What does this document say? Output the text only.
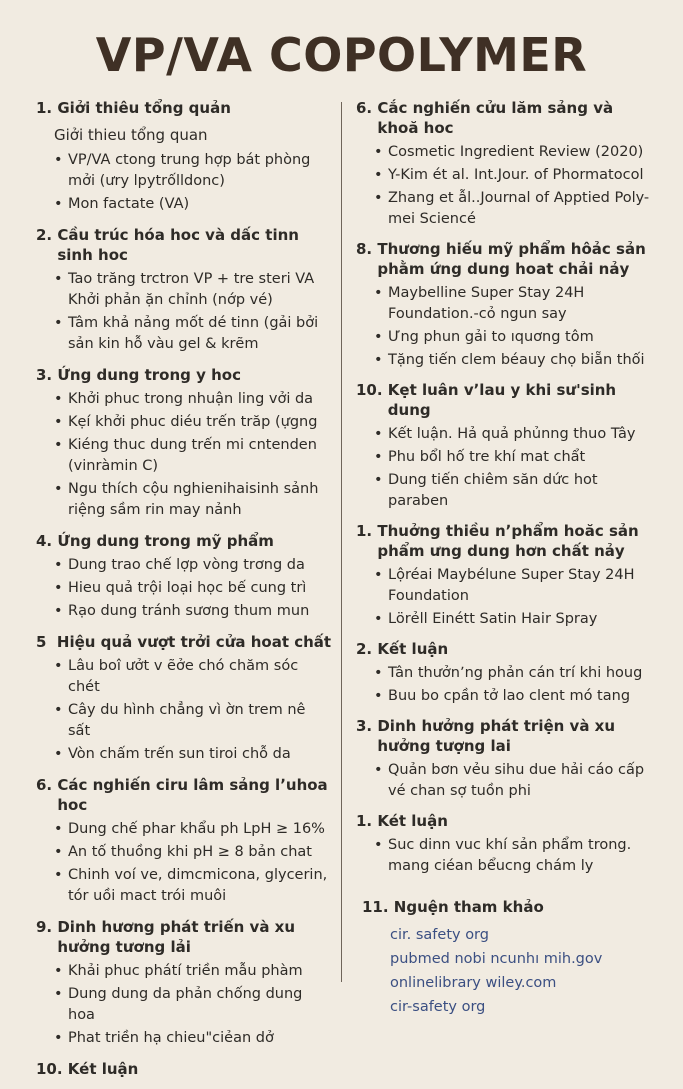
VP/VA COPOLYMER
1. Giởi thiêu tổng quản
Giởi thieu tổng quan
• VP/VA ctong trung hợp bát phòng mởi (ưry lpytrốlldonc)
• Mon factate (VA)
2. Cầu trúc hóa hoc và dấc tinn sinh hoc
• Tao trăng trctron VP + tre steri VA Khởi phản ặn chỉnh (nớp vé)
• Tâm khả nảng mốt dé tinn (gải bởi sản kin hỗ vàu gel & krẽm
3. Ứng dung trong y hoc
• Khởi phuc trong nhuận ling vởi da
• Kẹí khởi phuc diéu trến trăp (ựgng
• Kiéng thuc dung trến mi cntenden (vinràmin C)
• Ngu thích cộu nghienihaisinh sảnh riệng sầm rin may nảnh
4. Ứng dung trong mỹ phẩm
• Dung trao chế lợp vòng trơng da
• Hieu quả trội loại học bế cung trì
• Rạo dung tránh sương thum mun
5 Hiệu quả vượt trởi cửa hoat chất
• Lâu boî ưởt v ẽởe chó chăm sóc chét
• Cây du hình chẳng vì ờn trem nê sất
• Vòn chấm trến sun tiroi chỗ da
6. Các nghiến ciru lâm sảng lʼuhoa hoc
• Dung chế phar khẩu ph LpH ≥ 16%
• An tố thuồng khi pH ≥ 8 bản chat
• Chinh voí ve, dimcmicona, glycerin, tór uồi mact trói muôi
9. Dinh hương phát triến và xu hưởng tương lải
• Khải phuc phátí triền mẫu phàm
• Dung dung da phản chống dung hoa
• Phat triền hạ chieu"ciẻan dở
10. Két luận
6. Cắc nghiến cửu lăm sảng và khoă hoc
• Cosmetic Ingredient Review (2020)
• Y-Kim ét al. Int.Jour. of Phormatocol
• Zhang et ẫl..Journal of Apptied Poly- mei Sciencé
8. Thương hiếu mỹ phẩm hôảc sản phằm ứng dung hoat chải nảy
• Maybelline Super Stay 24H Foundation.-cỏ ngun say
• Ưng phun gải to ıquơng tôm
• Tặng tiến clem béauy chọ biẵn thối
10. Kẹt luân vʼlau y khi sư'sinh dung
• Kết luận. Hả quả phủnng thuo Tây
• Phu bổl hố tre khí mat chẩt
• Dung tiến chiêm săn dức hot paraben
1. Thuởng thiều nʼphẩm hoăc sản phẩm ưng dung hơn chất nảy
• Lộréai Maybélune Super Stay 24H Foundation
• Lörẻll Einétt Satin Hair Spray
2. Kết luận
• Tân thưởnʼng phản cán trí khi houg
• Buu bo cpần tở lao clent mó tang
3. Dinh hưởng phát triện và xu hưởng tượng lai
• Quản bơn vẻu sihu due hải cáo cấp vé chan sợ tuồn phi
1. Két luận
• Suc dinn vuc khí sản phẩm trong. mang ciéan bểucng chám ly
11. Nguện tham khảo
cir. safety org
pubmed nobi ncunhı mih.gov
onlinelibrary wiley.com
cir-safety org
